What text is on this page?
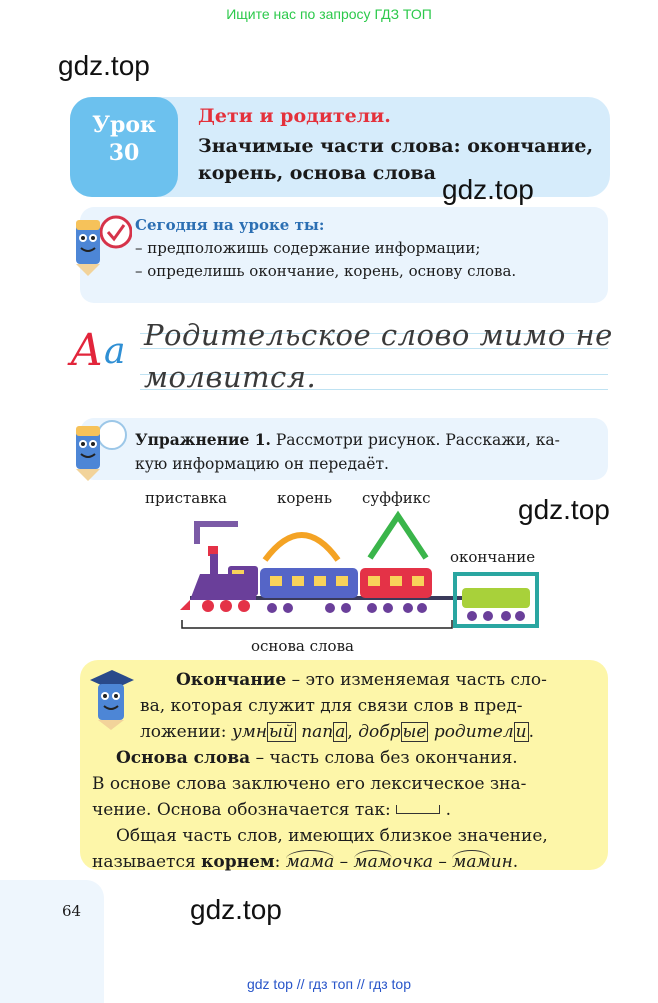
Ищите нас по запросу ГДЗ ТОП
gdz.top
Урок
30
Дети и родители.
Значимые части слова: окончание,
корень, основа слова
gdz.top
Сегодня на уроке ты:
– предположишь содержание информации;
– определишь окончание, корень, основу слова.
А а Родительское слово мимо не
молвится.
Упражнение 1. Рассмотри рисунок. Расскажи, ка-
кую информацию он передаёт.
приставка	корень суффикс
окончание
основа слова
gdz.top
Окончание – это изменяемая часть сло-
ва, которая служит для связи слов в пред-
ложении: умн ый пап а , добр ые родител и .
Основа слова – часть слова без окончания.
В основе слова заключено его лексическое зна-
чение. Основа обозначается так:	.
Общая часть слов, имеющих близкое значение,
называется корнем: мама – мамочка – мамин.
64	gdz.top
gdz top // гдз топ // гдз top
